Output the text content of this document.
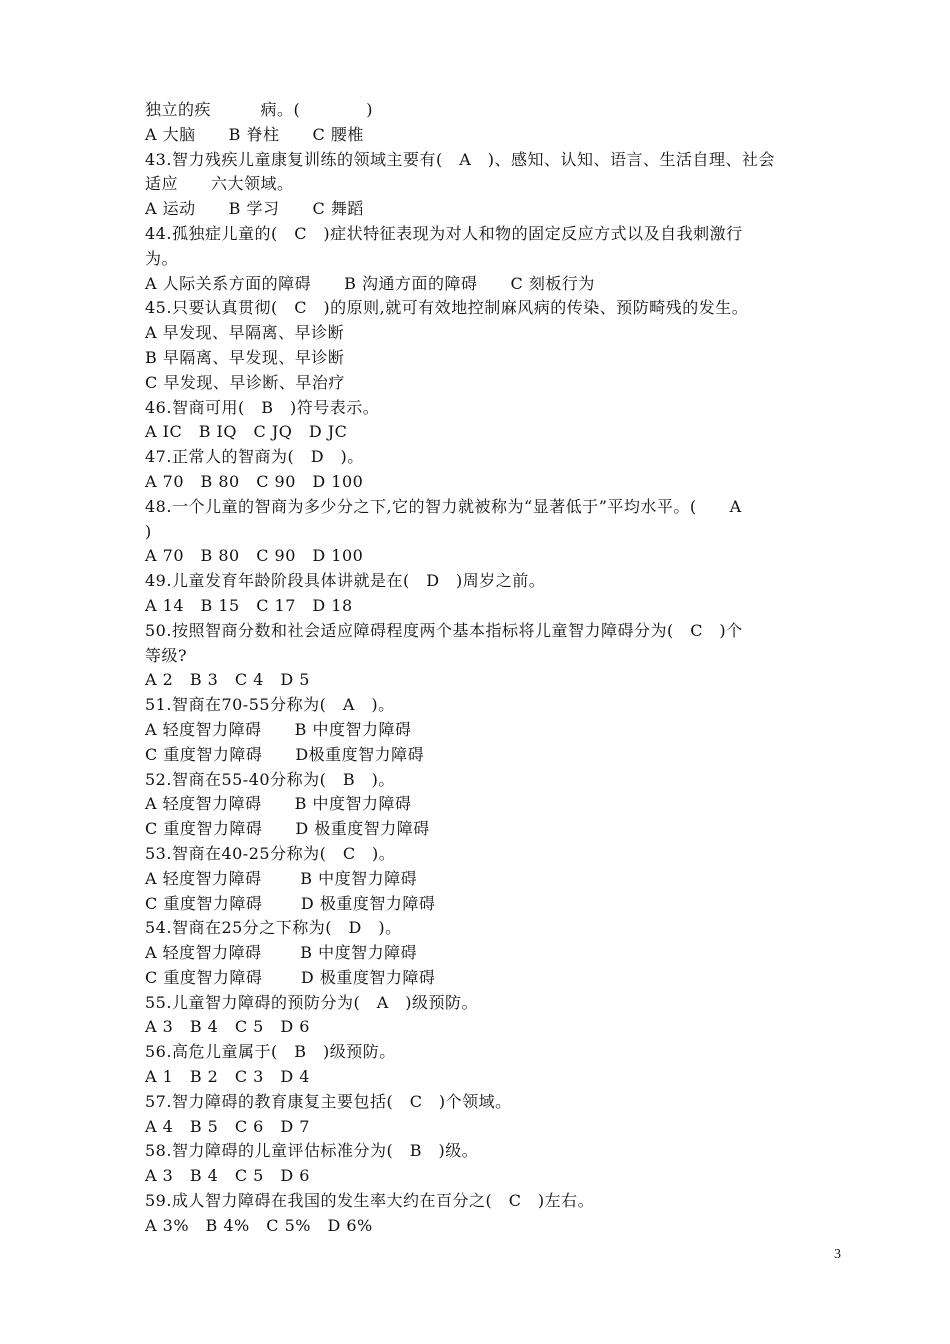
独立的疾　　　病。(　　　　)
A 大脑　　B 脊柱　　C 腰椎
43.智力残疾儿童康复训练的领域主要有(　A　)、感知、认知、语言、生活自理、社会
适应　　六大领域。
A 运动　　B 学习　　C 舞蹈
44.孤独症儿童的(　C　)症状特征表现为对人和物的固定反应方式以及自我刺激行
为。
A 人际关系方面的障碍　　B 沟通方面的障碍　　C 刻板行为
45.只要认真贯彻(　C　)的原则,就可有效地控制麻风病的传染、预防畸残的发生。
A 早发现、早隔离、早诊断
B 早隔离、早发现、早诊断
C 早发现、早诊断、早治疗
46.智商可用(　B　)符号表示。
A IC　B IQ　C JQ　D JC
47.正常人的智商为(　D　)。
A 70　B 80　C 90　D 100
48.一个儿童的智商为多少分之下,它的智力就被称为“显著低于”平均水平。(　　A
)
A 70　B 80　C 90　D 100
49.儿童发育年龄阶段具体讲就是在(　D　)周岁之前。
A 14　B 15　C 17　D 18
50.按照智商分数和社会适应障碍程度两个基本指标将儿童智力障碍分为(　C　)个
等级?
A 2　B 3　C 4　D 5
51.智商在70-55分称为(　A　)。
A 轻度智力障碍　　B 中度智力障碍
C 重度智力障碍　　D极重度智力障碍
52.智商在55-40分称为(　B　)。
A 轻度智力障碍　　B 中度智力障碍
C 重度智力障碍　　D 极重度智力障碍
53.智商在40-25分称为(　C　)。
A 轻度智力障碍　　 B 中度智力障碍
C 重度智力障碍　　 D 极重度智力障碍
54.智商在25分之下称为(　D　)。
A 轻度智力障碍　　 B 中度智力障碍
C 重度智力障碍　　 D 极重度智力障碍
55.儿童智力障碍的预防分为(　A　)级预防。
A 3　B 4　C 5　D 6
56.高危儿童属于(　B　)级预防。
A 1　B 2　C 3　D 4
57.智力障碍的教育康复主要包括(　C　)个领域。
A 4　B 5　C 6　D 7
58.智力障碍的儿童评估标准分为(　B　)级。
A 3　B 4　C 5　D 6
59.成人智力障碍在我国的发生率大约在百分之(　C　)左右。
A 3%　B 4%　C 5%　D 6%
3
